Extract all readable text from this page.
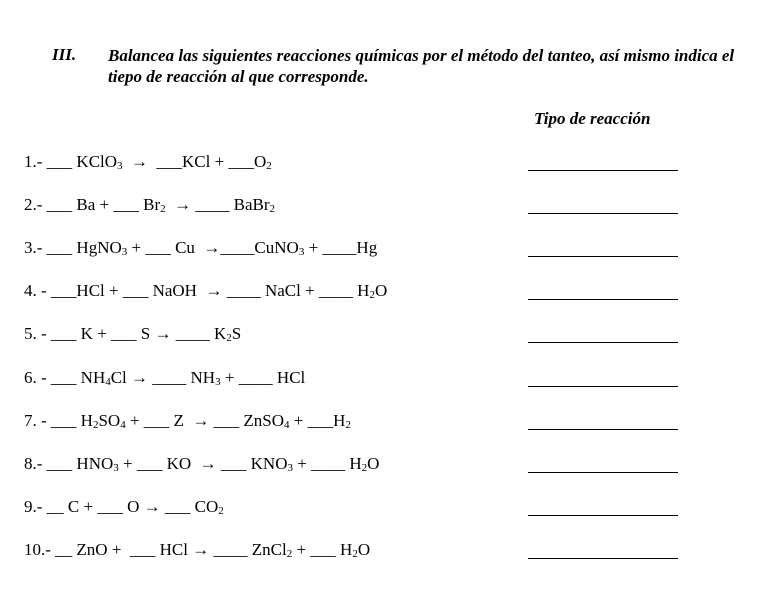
III. Balancea las siguientes reacciones químicas por el método del tanteo, así mismo indica el tiepo de reacción al que corresponde.
Tipo de reacción
1.- ___ KClO$_3$  →  ___KCl + $\_\_\_O_2$
2.- ___ Ba + ___ $Br_2$  → ____ BaBr$_2$
3.- ___ HgNO$_3$ + ___ Cu  →____CuNO$_3$ + ____Hg
4. - ___HCl + ___ NaOH  → ____ NaCl + ____ $H_2O$
5. - ___ K + ___ S → ____ $K_2S$
6. - ___ $NH_4Cl$ → ____ $NH_3$ + ____ HCl
7. - ___ $H_2SO_4$ + ___ Z  → ___ ZnSO$_4$ + $\_\_\_H_2$
8.- ___ $HNO_3$ + ___ KO  → ___ $KNO_3$ + ____ $H_2O$
9.- __ C + ___ O → ___ $CO_2$
10.- __ ZnO +  ___ HCl → ____ ZnCl$_2$ + ___ $H_2O$
